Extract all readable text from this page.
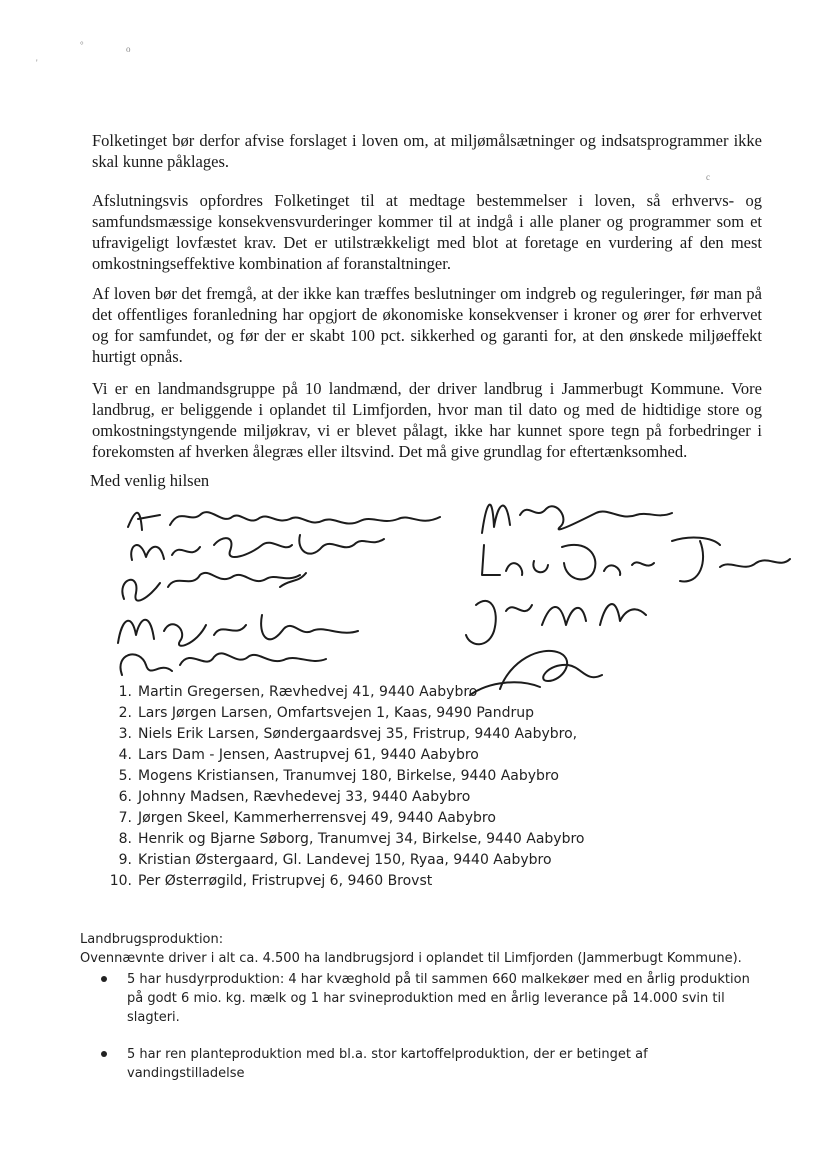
°	o
'
c

Folketinget bør derfor afvise forslaget i loven om, at miljømålsætninger og indsatsprogrammer ikke skal kunne påklages.

Afslutningsvis opfordres Folketinget til at medtage bestemmelser i loven, så erhvervs- og samfundsmæssige konsekvensvurderinger kommer til at indgå i alle planer og programmer som et ufravigeligt lovfæstet krav. Det er utilstrækkeligt med blot at foretage en vurdering af den mest omkostningseffektive kombination af foranstaltninger.

Af loven bør det fremgå, at der ikke kan træffes beslutninger om indgreb og reguleringer, før man på det offentliges foranledning har opgjort de økonomiske konsekvenser i kroner og ører for erhvervet og for samfundet, og før der er skabt 100 pct. sikkerhed og garanti for, at den ønskede miljøeffekt hurtigt opnås.

Vi er en landmandsgruppe på 10 landmænd, der driver landbrug i Jammerbugt Kommune. Vore landbrug, er beliggende i oplandet til Limfjorden, hvor man til dato og med de hidtidige store og omkostningstyngende miljøkrav, vi er blevet pålagt, ikke har kunnet spore tegn på forbedringer i forekomsten af hverken ålegræs eller iltsvind. Det må give grundlag for eftertænksomhed.

Med venlig hilsen

1. Martin Gregersen, Rævhedvej 41, 9440 Aabybro
2. Lars Jørgen Larsen, Omfartsvejen 1, Kaas, 9490 Pandrup
3. Niels Erik Larsen, Søndergaardsvej 35, Fristrup, 9440 Aabybro,
4. Lars Dam - Jensen, Aastrupvej 61, 9440 Aabybro
5. Mogens Kristiansen, Tranumvej 180, Birkelse, 9440 Aabybro
6. Johnny Madsen, Rævhedevej 33, 9440 Aabybro
7. Jørgen Skeel, Kammerherrensvej 49, 9440 Aabybro
8. Henrik og Bjarne Søborg, Tranumvej 34, Birkelse, 9440 Aabybro
9. Kristian Østergaard, Gl. Landevej 150, Ryaa, 9440 Aabybro
10. Per Østerrøgild, Fristrupvej 6, 9460 Brovst

Landbrugsproduktion:

Ovennævnte driver i alt ca. 4.500 ha landbrugsjord i oplandet til Limfjorden (Jammerbugt Kommune).

5 har husdyrproduktion: 4 har kvæghold på til sammen 660 malkekøer med en årlig produktion på godt 6 mio. kg. mælk og 1 har svineproduktion med en årlig leverance på 14.000 svin til slagteri.
5 har ren planteproduktion med bl.a. stor kartoffelproduktion, der er betinget af vandingstilladelse
